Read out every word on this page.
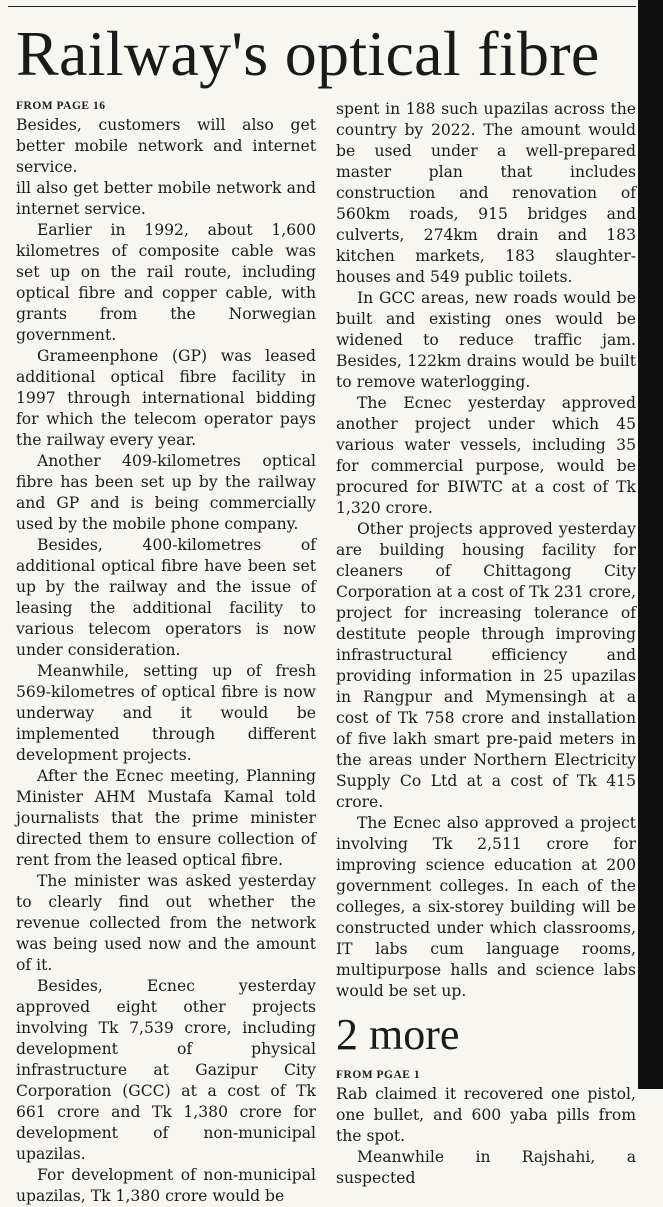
Railway's optical fibre
FROM PAGE 16

Besides, customers will also get better mobile network and internet service.

ill also get better mobile network and internet service.

Earlier in 1992, about 1,600 kilometres of composite cable was set up on the rail route, including optical fibre and copper cable, with grants from the Norwegian government.

Grameenphone (GP) was leased additional optical fibre facility in 1997 through international bidding for which the telecom operator pays the railway every year.

Another 409-kilometres optical fibre has been set up by the railway and GP and is being commercially used by the mobile phone company.

Besides, 400-kilometres of additional optical fibre have been set up by the railway and the issue of leasing the additional facility to various telecom operators is now under consideration.

Meanwhile, setting up of fresh 569-kilometres of optical fibre is now underway and it would be implemented through different development projects.

After the Ecnec meeting, Planning Minister AHM Mustafa Kamal told journalists that the prime minister directed them to ensure collection of rent from the leased optical fibre.

The minister was asked yesterday to clearly find out whether the revenue collected from the network was being used now and the amount of it.

Besides, Ecnec yesterday approved eight other projects involving Tk 7,539 crore, including development of physical infrastructure at Gazipur City Corporation (GCC) at a cost of Tk 661 crore and Tk 1,380 crore for development of non-municipal upazilas.

For development of non-municipal upazilas, Tk 1,380 crore would be

spent in 188 such upazilas across the country by 2022. The amount would be used under a well-prepared master plan that includes construction and renovation of 560km roads, 915 bridges and culverts, 274km drain and 183 kitchen markets, 183 slaughter-houses and 549 public toilets.

In GCC areas, new roads would be built and existing ones would be widened to reduce traffic jam. Besides, 122km drains would be built to remove waterlogging.

The Ecnec yesterday approved another project under which 45 various water vessels, including 35 for commercial purpose, would be procured for BIWTC at a cost of Tk 1,320 crore.

Other projects approved yesterday are building housing facility for cleaners of Chittagong City Corporation at a cost of Tk 231 crore, project for increasing tolerance of destitute people through improving infrastructural efficiency and providing information in 25 upazilas in Rangpur and Mymensingh at a cost of Tk 758 crore and installation of five lakh smart pre-paid meters in the areas under Northern Electricity Supply Co Ltd at a cost of Tk 415 crore.

The Ecnec also approved a project involving Tk 2,511 crore for improving science education at 200 government colleges. In each of the colleges, a six-storey building will be constructed under which classrooms, IT labs cum language rooms, multipurpose halls and science labs would be set up.

2 more
FROM PGAE 1

Rab claimed it recovered one pistol, one bullet, and 600 yaba pills from the spot.

Meanwhile in Rajshahi, a suspected
